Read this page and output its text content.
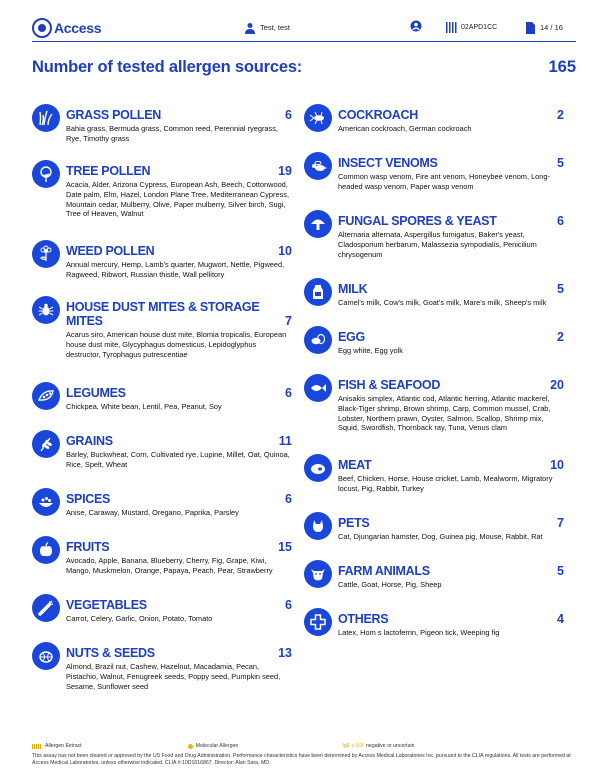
Access	Test, test	02APD1CC	14 / 16
Number of tested allergen sources:	165
GRASS POLLEN	6
Bahia grass, Bermuda grass, Common reed, Perennial ryegrass, Rye, Timothy grass
TREE POLLEN	19
Acacia, Alder, Arizona Cypress, European Ash, Beech, Cottonwood, Date palm, Elm, Hazel, London Plane Tree, Mediterranean Cypress, Mountain cedar, Mulberry, Olive, Paper mulberry, Silver birch, Sugi, Tree of Heaven, Walnut
WEED POLLEN	10
Annual mercury, Hemp, Lamb's quarter, Mugwort, Nettle, Pigweed, Ragweed, Ribwort, Russian thistle, Wall pellitory
HOUSE DUST MITES & STORAGE MITES	7
Acarus siro, American house dust mite, Blomia tropicalis, European house dust mite, Glycyphagus domesticus, Lepidoglyphus destructor, Tyrophagus putrescentiae
LEGUMES	6
Chickpea, White bean, Lentil, Pea, Peanut, Soy
GRAINS	11
Barley, Buckwheat, Corn, Cultivated rye, Lupine, Millet, Oat, Quinoa, Rice, Spelt, Wheat
SPICES	6
Anise, Caraway, Mustard, Oregano, Paprika, Parsley
FRUITS	15
Avocado, Apple, Banana, Blueberry, Cherry, Fig, Grape, Kiwi, Mango, Muskmelon, Orange, Papaya, Peach, Pear, Strawberry
VEGETABLES	6
Carrot, Celery, Garlic, Onion, Potato, Tomato
NUTS & SEEDS	13
Almond, Brazil nut, Cashew, Hazelnut, Macadamia, Pecan, Pistachio, Walnut, Fenugreek seeds, Poppy seed, Pumpkin seed, Sesame, Sunflower seed
COCKROACH	2
American cockroach, German cockroach
INSECT VENOMS	5
Common wasp venom, Fire ant venom, Honeybee venom, Long-headed wasp venom, Paper wasp venom
FUNGAL SPORES & YEAST	6
Alternaria alternata, Aspergillus fumigatus, Baker's yeast, Cladosporium herbarum, Malassezia sympodialis, Penicilium chrysogenum
MILK	5
Camel's milk, Cow's milk, Goat's milk, Mare's milk, Sheep's milk
EGG	2
Egg white, Egg yolk
FISH & SEAFOOD	20
Anisakis simplex, Atlantic cod, Atlantic herring, Atlantic mackerel, Black-Tiger shrimp, Brown shrimp, Carp, Common mussel, Crab, Lobster, Northern prawn, Oyster, Salmon, Scallop, Shrimp mix, Squid, Swordfish, Thornback ray, Tuna, Venus clam
MEAT	10
Beef, Chicken, Horse, House cricket, Lamb, Mealworm, Migratory locust, Pig, Rabbit, Turkey
PETS	7
Cat, Djungarian hamster, Dog, Guinea pig, Mouse, Rabbit, Rat
FARM ANIMALS	5
Cattle, Goat, Horse, Pig, Sheep
OTHERS	4
Latex, Hom s lactoferrin, Pigeon tick, Weeping fig
Allergen Extract	Molecular Allergen	IgE ≤ 0.3 negative or uncertain
This assay has not been cleared or approved by the US Food and Drug Administration. Performance characteristics have been determined by Access Medical Laboratories Inc. pursuant to the CLIA regulations. All tests are performed at Access Medical Laboratories, unless otherwise indicated. CLIA #:10D1016867. Director: Alan Sara, MD.
